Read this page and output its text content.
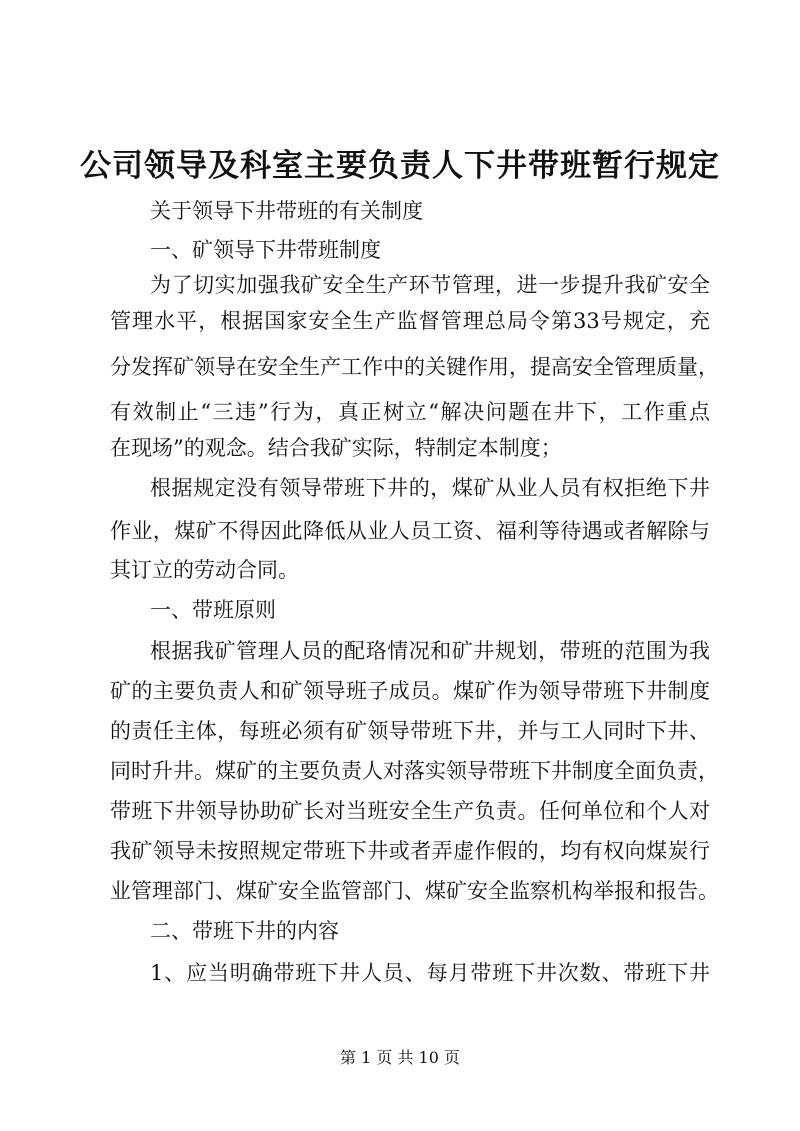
公司领导及科室主要负责人下井带班暂行规定
关于领导下井带班的有关制度
一、矿领导下井带班制度
为了切实加强我矿安全生产环节管理，进一步提升我矿安全
管理水平，根据国家安全生产监督管理总局令第33号规定，充
分发挥矿领导在安全生产工作中的关键作用，提高安全管理质量，
有效制止“三违”行为，真正树立“解决问题在井下，工作重点
在现场”的观念。结合我矿实际，特制定本制度；
根据规定没有领导带班下井的，煤矿从业人员有权拒绝下井
作业，煤矿不得因此降低从业人员工资、福利等待遇或者解除与
其订立的劳动合同。
一、带班原则
根据我矿管理人员的配珞情况和矿井规划，带班的范围为我
矿的主要负责人和矿领导班子成员。煤矿作为领导带班下井制度
的责任主体，每班必须有矿领导带班下井，并与工人同时下井、
同时升井。煤矿的主要负责人对落实领导带班下井制度全面负责，
带班下井领导协助矿长对当班安全生产负责。任何单位和个人对
我矿领导未按照规定带班下井或者弄虚作假的，均有权向煤炭行
业管理部门、煤矿安全监管部门、煤矿安全监察机构举报和报告。
二、带班下井的内容
1、应当明确带班下井人员、每月带班下井次数、带班下井
第 1 页 共 10 页
